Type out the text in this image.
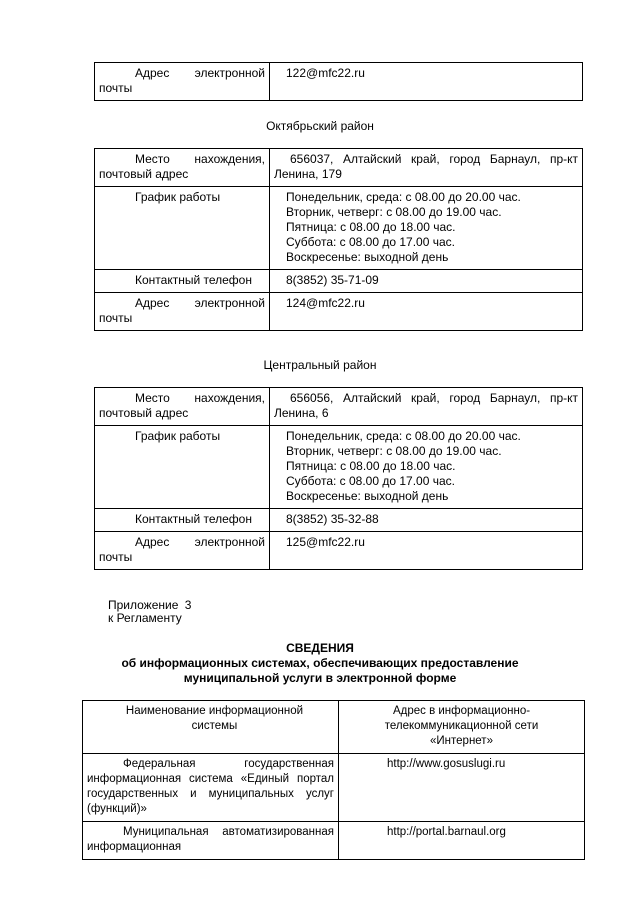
Адрес электронной почты	122@mfc22.ru
Октябрьский район
Место нахождения, почтовый адрес	656037, Алтайский край, город Барнаул, пр-кт Ленина, 179
График работы	Понедельник, среда: с 08.00 до 20.00 час.
Вторник, четверг: с 08.00 до 19.00 час.
Пятница: с 08.00 до 18.00 час.
Суббота: с 08.00 до 17.00 час.
Воскресенье: выходной день

Контактный телефон	8(3852) 35-71-09
Адрес электронной почты	124@mfc22.ru
Центральный район
Место нахождения, почтовый адрес	656056, Алтайский край, город Барнаул, пр-кт Ленина, 6
График работы	Понедельник, среда: с 08.00 до 20.00 час.
Вторник, четверг: с 08.00 до 19.00 час.
Пятница: с 08.00 до 18.00 час.
Суббота: с 08.00 до 17.00 час.
Воскресенье: выходной день

Контактный телефон	8(3852) 35-32-88
Адрес электронной почты	125@mfc22.ru
Приложение 3
к Регламенту
СВЕДЕНИЯ
об информационных системах, обеспечивающих предоставление
муниципальной услуги в электронной форме
Наименование информационной системы	Адрес в информационно-телекоммуникационной сети «Интернет»
Федеральная государственная информационная система «Единый портал государственных и муниципальных услуг (функций)»	http://www.gosuslugi.ru
Муниципальная автоматизированная информационная	http://portal.barnaul.org
